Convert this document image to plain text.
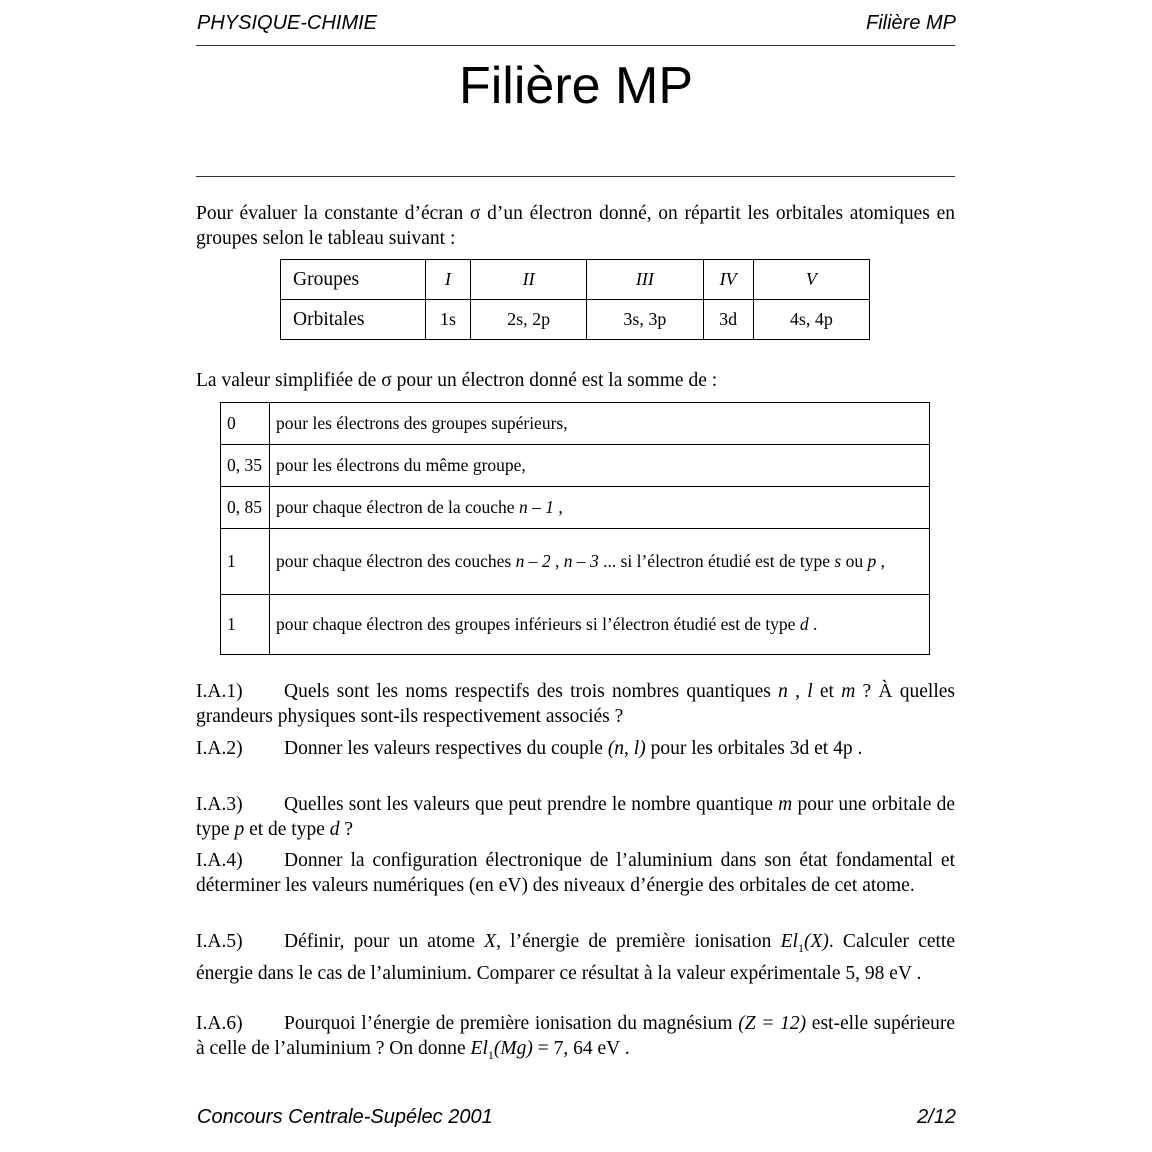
PHYSIQUE-CHIMIE	Filière MP
Filière MP
Pour évaluer la constante d’écran σ d’un électron donné, on répartit les orbitales atomiques en groupes selon le tableau suivant :
Groupes	I	II	III	IV	V
Orbitales	1s	2s, 2p	3s, 3p	3d	4s, 4p
La valeur simplifiée de σ pour un électron donné est la somme de :
0	pour les électrons des groupes supérieurs,
0, 35	pour les électrons du même groupe,
0, 85	pour chaque électron de la couche n – 1 ,
1	pour chaque électron des couches n – 2 , n – 3 ... si l’électron étudié est de type s ou p ,
1	pour chaque électron des groupes inférieurs si l’électron étudié est de type d .
I.A.1) Quels sont les noms respectifs des trois nombres quantiques n , l et m ? À quelles grandeurs physiques sont-ils respectivement associés ?
I.A.2) Donner les valeurs respectives du couple (n, l) pour les orbitales 3d et 4p .
I.A.3) Quelles sont les valeurs que peut prendre le nombre quantique m pour une orbitale de type p et de type d ?
I.A.4) Donner la configuration électronique de l’aluminium dans son état fondamental et déterminer les valeurs numériques (en eV) des niveaux d’énergie des orbitales de cet atome.
I.A.5) Définir, pour un atome X, l’énergie de première ionisation $El_1(X)$. Calculer cette énergie dans le cas de l’aluminium. Comparer ce résultat à la valeur expérimentale 5, 98 eV .
I.A.6) Pourquoi l’énergie de première ionisation du magnésium (Z = 12) est-elle supérieure à celle de l’aluminium ? On donne $El_1(Mg) = 7$, 64 eV .
Concours Centrale-Supélec 2001	2/12
